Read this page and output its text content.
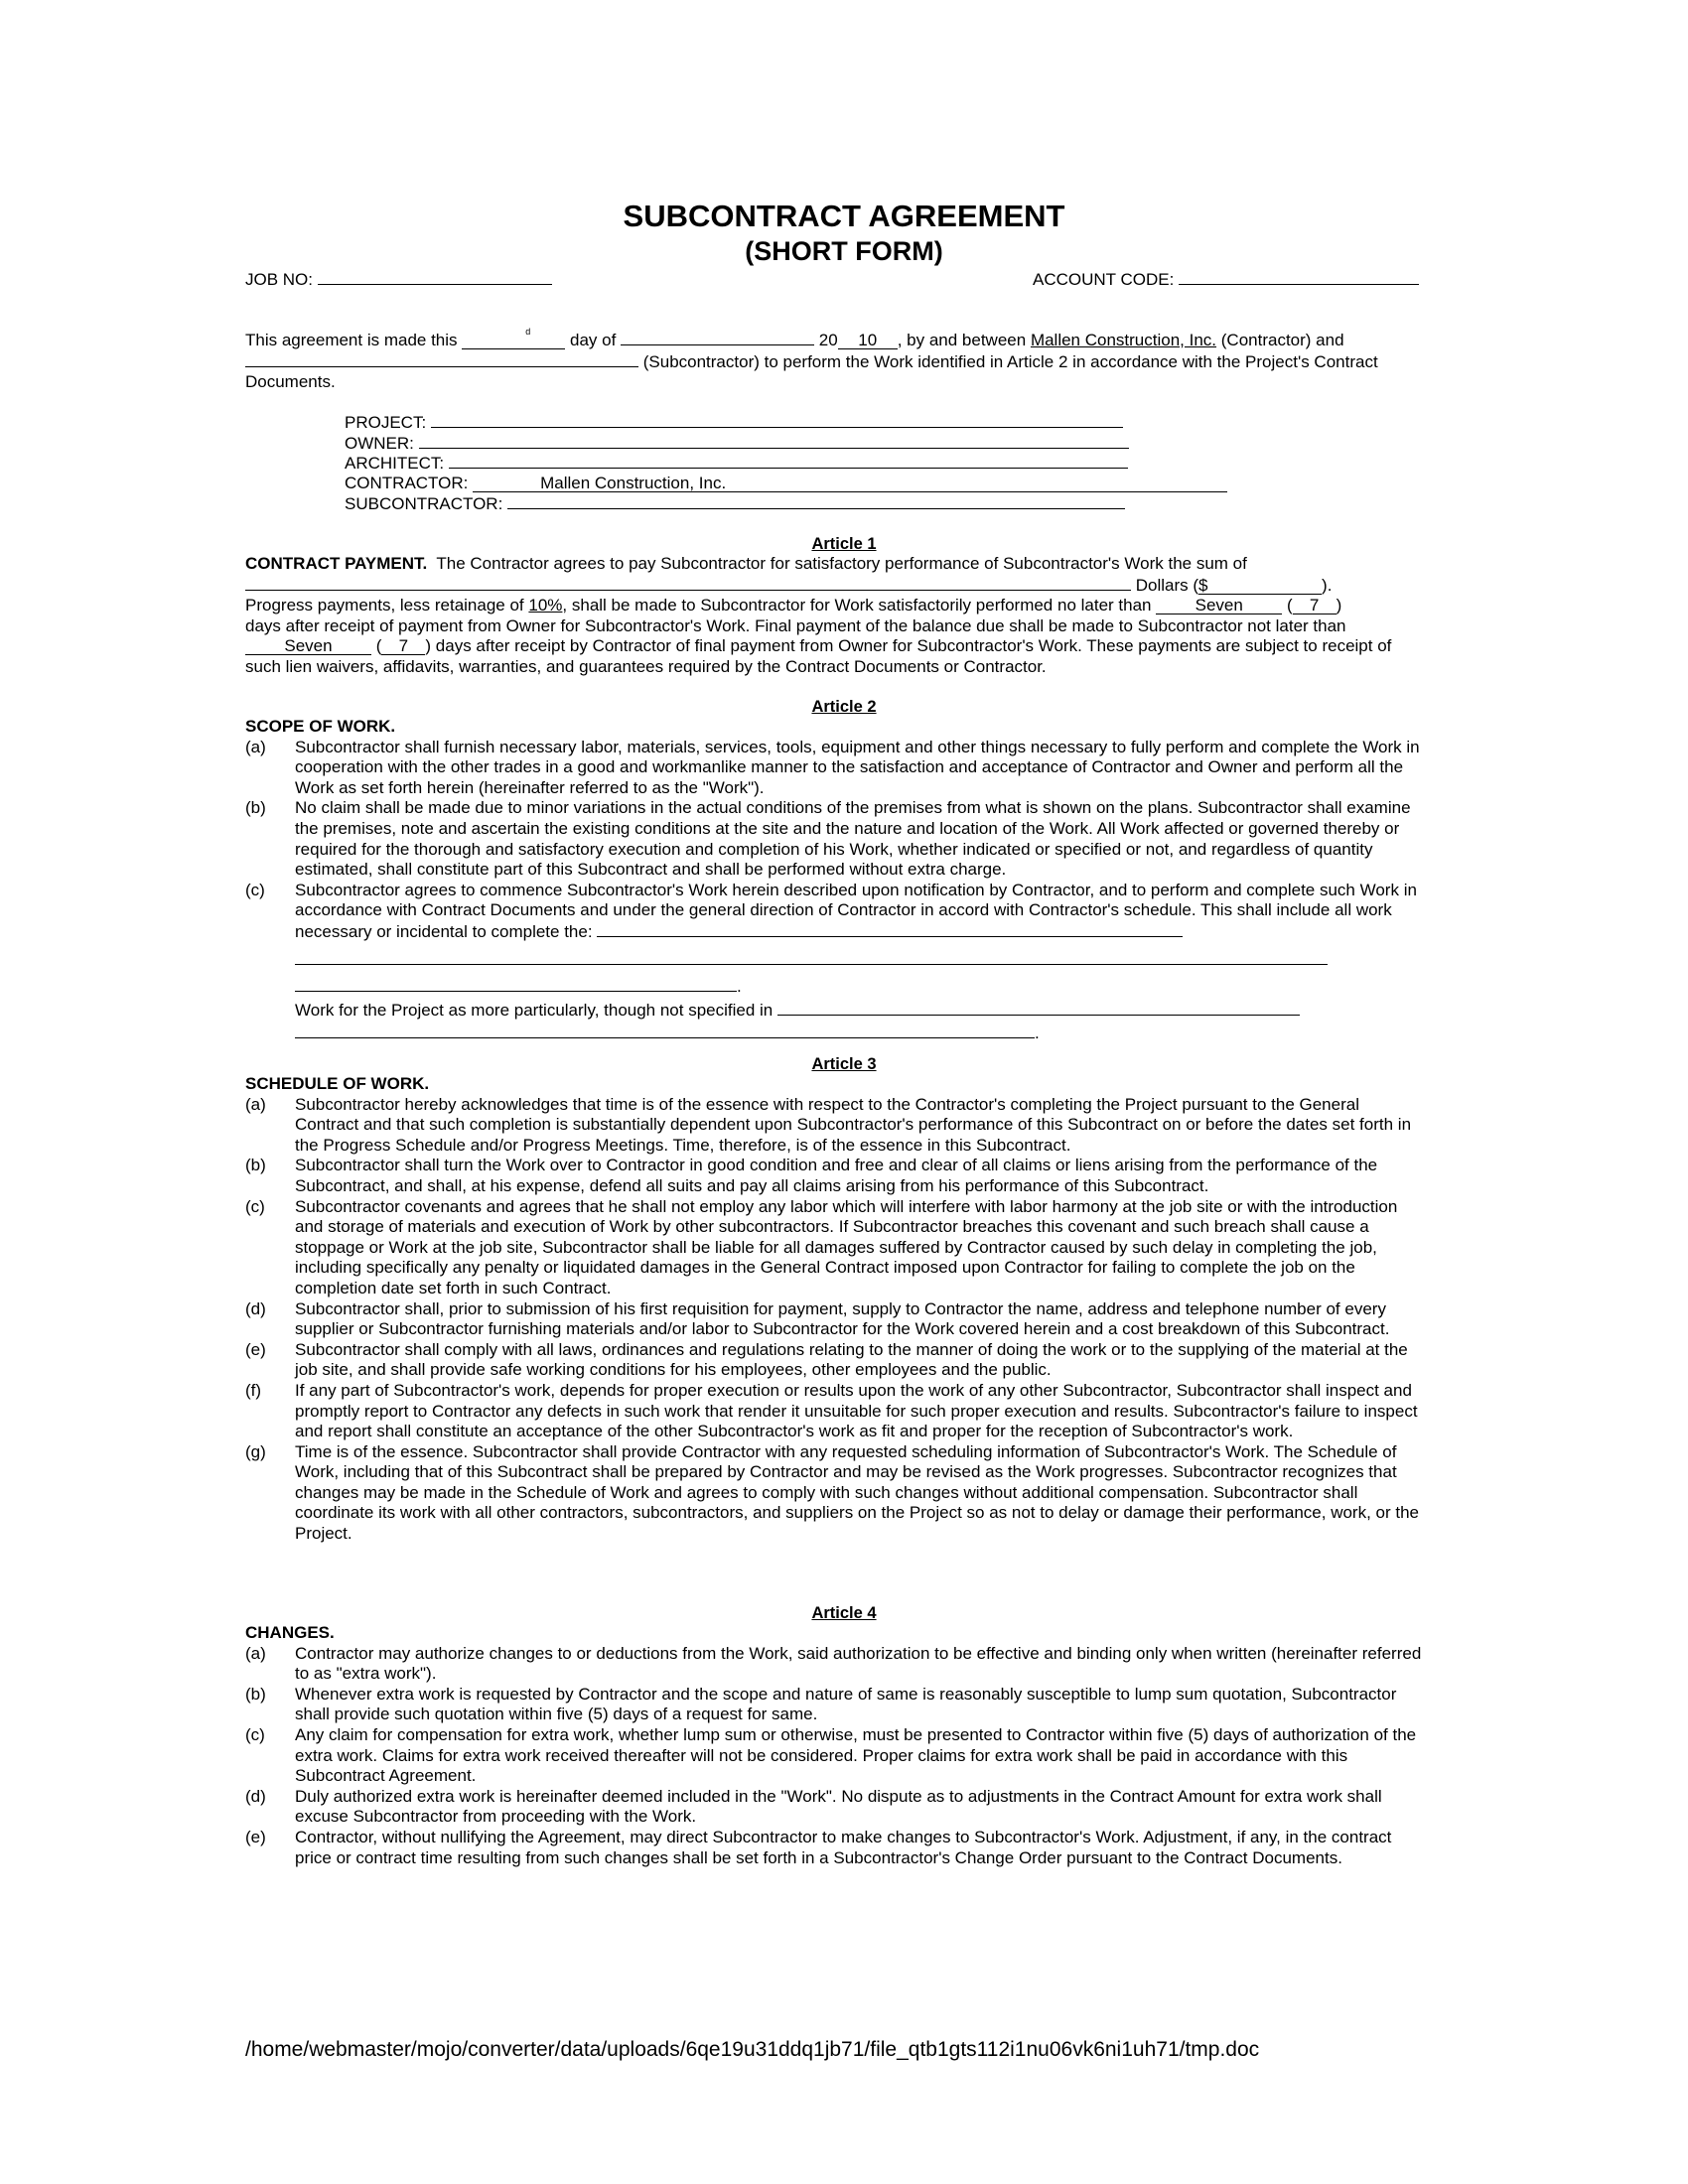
SUBCONTRACT AGREEMENT
(SHORT FORM)
JOB NO:	ACCOUNT CODE:
This agreement is made this	d day of	20 10 , by and between Mallen Construction, Inc. (Contractor) and
(Subcontractor) to perform the Work identified in Article 2 in accordance with the Project's Contract
Documents.
PROJECT:
OWNER:
ARCHITECT:
CONTRACTOR:	Mallen Construction, Inc.
SUBCONTRACTOR:
Article 1
CONTRACT PAYMENT. The Contractor agrees to pay Subcontractor for satisfactory performance of Subcontractor's Work the sum of
Dollars ($	).
Progress payments, less retainage of 10%, shall be made to Subcontractor for Work satisfactorily performed no later than	Seven ( 7 )
days after receipt of payment from Owner for Subcontractor's Work. Final payment of the balance due shall be made to Subcontractor not later than
Seven ( 7 ) days after receipt by Contractor of final payment from Owner for Subcontractor's Work. These payments are subject to receipt of such lien waivers, affidavits, warranties, and guarantees required by the Contract Documents or Contractor.
Article 2
SCOPE OF WORK.
(a)	Subcontractor shall furnish necessary labor, materials, services, tools, equipment and other things necessary to fully perform and complete the Work in cooperation with the other trades in a good and workmanlike manner to the satisfaction and acceptance of Contractor and Owner and perform all the Work as set forth herein (hereinafter referred to as the "Work").
(b)	No claim shall be made due to minor variations in the actual conditions of the premises from what is shown on the plans. Subcontractor shall examine the premises, note and ascertain the existing conditions at the site and the nature and location of the Work. All Work affected or governed thereby or required for the thorough and satisfactory execution and completion of his Work, whether indicated or specified or not, and regardless of quantity estimated, shall constitute part of this Subcontract and shall be performed without extra charge.
(c)	Subcontractor agrees to commence Subcontractor's Work herein described upon notification by Contractor, and to perform and complete such Work in accordance with Contract Documents and under the general direction of Contractor in accord with Contractor's schedule. This shall include all work necessary or incidental to complete the:
.
Work for the Project as more particularly, though not specified in
.
Article 3
SCHEDULE OF WORK.
(a)	Subcontractor hereby acknowledges that time is of the essence with respect to the Contractor's completing the Project pursuant to the General Contract and that such completion is substantially dependent upon Subcontractor's performance of this Subcontract on or before the dates set forth in the Progress Schedule and/or Progress Meetings. Time, therefore, is of the essence in this Subcontract.
(b)	Subcontractor shall turn the Work over to Contractor in good condition and free and clear of all claims or liens arising from the performance of the Subcontract, and shall, at his expense, defend all suits and pay all claims arising from his performance of this Subcontract.
(c)	Subcontractor covenants and agrees that he shall not employ any labor which will interfere with labor harmony at the job site or with the introduction and storage of materials and execution of Work by other subcontractors. If Subcontractor breaches this covenant and such breach shall cause a stoppage or Work at the job site, Subcontractor shall be liable for all damages suffered by Contractor caused by such delay in completing the job, including specifically any penalty or liquidated damages in the General Contract imposed upon Contractor for failing to complete the job on the completion date set forth in such Contract.
(d)	Subcontractor shall, prior to submission of his first requisition for payment, supply to Contractor the name, address and telephone number of every supplier or Subcontractor furnishing materials and/or labor to Subcontractor for the Work covered herein and a cost breakdown of this Subcontract.
(e)	Subcontractor shall comply with all laws, ordinances and regulations relating to the manner of doing the work or to the supplying of the material at the job site, and shall provide safe working conditions for his employees, other employees and the public.
(f)	If any part of Subcontractor's work, depends for proper execution or results upon the work of any other Subcontractor, Subcontractor shall inspect and promptly report to Contractor any defects in such work that render it unsuitable for such proper execution and results. Subcontractor's failure to inspect and report shall constitute an acceptance of the other Subcontractor's work as fit and proper for the reception of Subcontractor's work.
(g)	Time is of the essence. Subcontractor shall provide Contractor with any requested scheduling information of Subcontractor's Work. The Schedule of Work, including that of this Subcontract shall be prepared by Contractor and may be revised as the Work progresses. Subcontractor recognizes that changes may be made in the Schedule of Work and agrees to comply with such changes without additional compensation. Subcontractor shall coordinate its work with all other contractors, subcontractors, and suppliers on the Project so as not to delay or damage their performance, work, or the Project.
Article 4
CHANGES.
(a)	Contractor may authorize changes to or deductions from the Work, said authorization to be effective and binding only when written (hereinafter referred to as "extra work").
(b)	Whenever extra work is requested by Contractor and the scope and nature of same is reasonably susceptible to lump sum quotation, Subcontractor shall provide such quotation within five (5) days of a request for same.
(c)	Any claim for compensation for extra work, whether lump sum or otherwise, must be presented to Contractor within five (5) days of authorization of the extra work. Claims for extra work received thereafter will not be considered. Proper claims for extra work shall be paid in accordance with this Subcontract Agreement.
(d)	Duly authorized extra work is hereinafter deemed included in the "Work". No dispute as to adjustments in the Contract Amount for extra work shall excuse Subcontractor from proceeding with the Work.
(e)	Contractor, without nullifying the Agreement, may direct Subcontractor to make changes to Subcontractor's Work. Adjustment, if any, in the contract price or contract time resulting from such changes shall be set forth in a Subcontractor's Change Order pursuant to the Contract Documents.
/home/webmaster/mojo/converter/data/uploads/6qe19u31ddq1jb71/file_qtb1gts112i1nu06vk6ni1uh71/tmp.doc
